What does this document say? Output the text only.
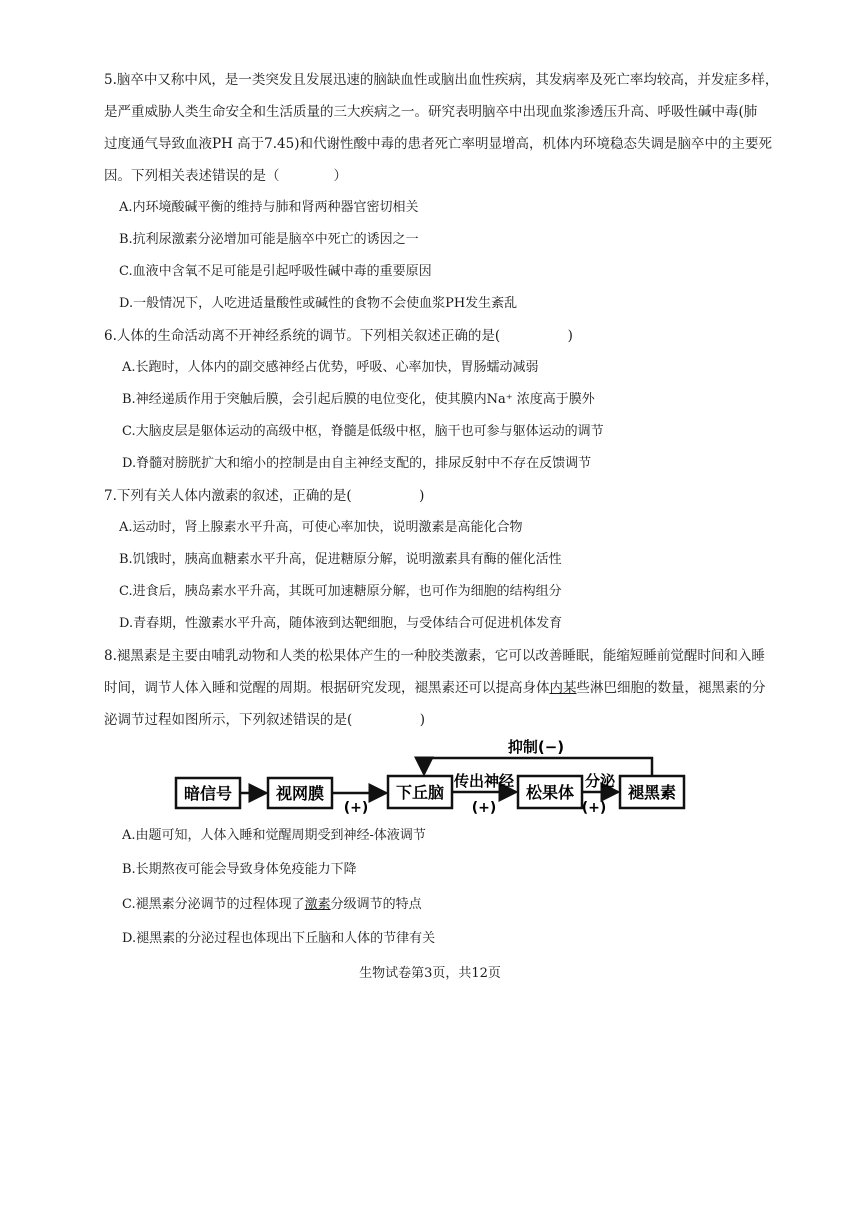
5.脑卒中又称中风，是一类突发且发展迅速的脑缺血性或脑出血性疾病，其发病率及死亡率均较高，并发症多样，
是严重威胁人类生命安全和生活质量的三大疾病之一。研究表明脑卒中出现血浆渗透压升高、呼吸性碱中毒(肺
过度通气导致血液PH 高于7.45)和代谢性酸中毒的患者死亡率明显增高，机体内环境稳态失调是脑卒中的主要死
因。下列相关表述错误的是（　　　　）
A.内环境酸碱平衡的维持与肺和肾两种器官密切相关
B.抗利尿激素分泌增加可能是脑卒中死亡的诱因之一
C.血液中含氧不足可能是引起呼吸性碱中毒的重要原因
D.一般情况下，人吃进适量酸性或碱性的食物不会使血浆PH发生紊乱
6.人体的生命活动离不开神经系统的调节。下列相关叙述正确的是(　　　　　)
A.长跑时，人体内的副交感神经占优势，呼吸、心率加快，胃肠蠕动减弱
B.神经递质作用于突触后膜，会引起后膜的电位变化，使其膜内Na⁺ 浓度高于膜外
C.大脑皮层是躯体运动的高级中枢，脊髓是低级中枢，脑干也可参与躯体运动的调节
D.脊髓对膀胱扩大和缩小的控制是由自主神经支配的，排尿反射中不存在反馈调节
7.下列有关人体内激素的叙述，正确的是(　　　　　)
A.运动时，肾上腺素水平升高，可使心率加快，说明激素是高能化合物
B.饥饿时，胰高血糖素水平升高，促进糖原分解，说明激素具有酶的催化活性
C.进食后，胰岛素水平升高，其既可加速糖原分解，也可作为细胞的结构组分
D.青春期，性激素水平升高，随体液到达靶细胞，与受体结合可促进机体发育
8.褪黑素是主要由哺乳动物和人类的松果体产生的一种胶类激素，它可以改善睡眠，能缩短睡前觉醒时间和入睡
时间，调节人体入睡和觉醒的周期。根据研究发现，褪黑素还可以提高身体内某些淋巴细胞的数量，褪黑素的分
泌调节过程如图所示，下列叙述错误的是(　　　　　)
暗信号	视网膜	下丘脑	松果体	褪黑素
(+)
传出神经
(+)
分泌
(+)
抑制(−)
A.由题可知，人体入睡和觉醒周期受到神经-体液调节
B.长期熬夜可能会导致身体免疫能力下降
C.褪黑素分泌调节的过程体现了激素分级调节的特点
D.褪黑素的分泌过程也体现出下丘脑和人体的节律有关
生物试卷第3页，共12页
